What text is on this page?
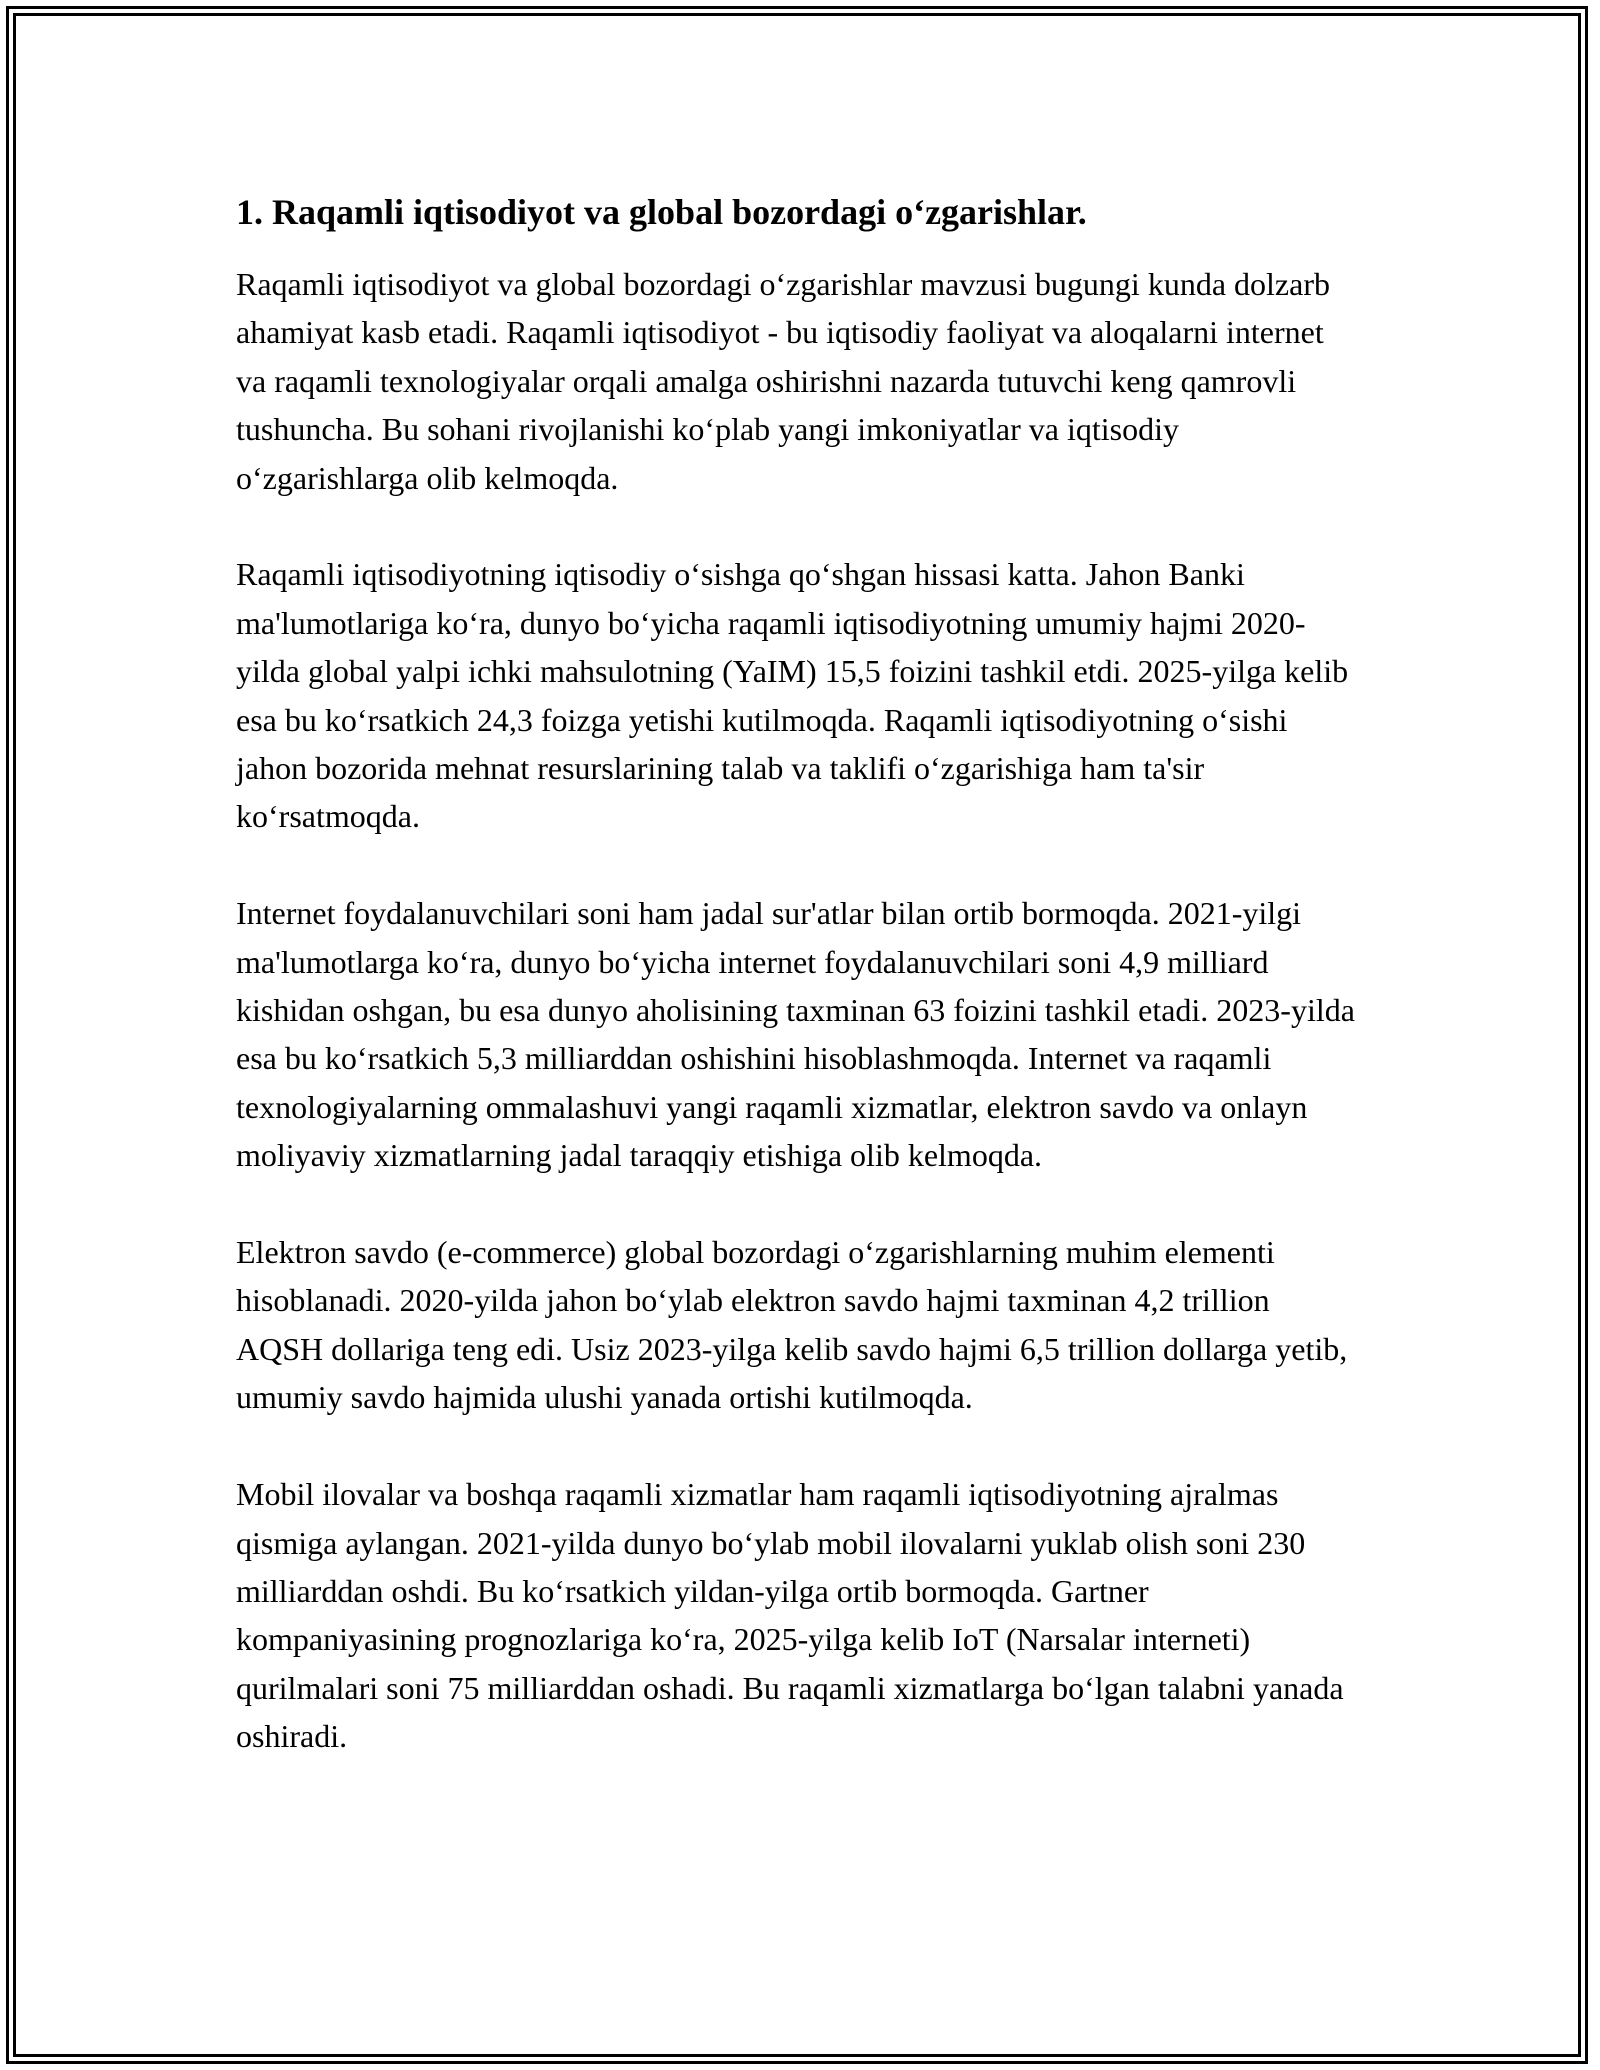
1. Raqamli iqtisodiyot va global bozordagi o‘zgarishlar.

Raqamli iqtisodiyot va global bozordagi o‘zgarishlar mavzusi bugungi kunda dolzarb ahamiyat kasb etadi. Raqamli iqtisodiyot - bu iqtisodiy faoliyat va aloqalarni internet va raqamli texnologiyalar orqali amalga oshirishni nazarda tutuvchi keng qamrovli tushuncha. Bu sohani rivojlanishi ko‘plab yangi imkoniyatlar va iqtisodiy o‘zgarishlarga olib kelmoqda.

Raqamli iqtisodiyotning iqtisodiy o‘sishga qo‘shgan hissasi katta. Jahon Banki ma'lumotlariga ko‘ra, dunyo bo‘yicha raqamli iqtisodiyotning umumiy hajmi 2020-yilda global yalpi ichki mahsulotning (YaIM) 15,5 foizini tashkil etdi. 2025-yilga kelib esa bu ko‘rsatkich 24,3 foizga yetishi kutilmoqda. Raqamli iqtisodiyotning o‘sishi jahon bozorida mehnat resurslarining talab va taklifi o‘zgarishiga ham ta'sir ko‘rsatmoqda.

Internet foydalanuvchilari soni ham jadal sur'atlar bilan ortib bormoqda. 2021-yilgi ma'lumotlarga ko‘ra, dunyo bo‘yicha internet foydalanuvchilari soni 4,9 milliard kishidan oshgan, bu esa dunyo aholisining taxminan 63 foizini tashkil etadi. 2023-yilda esa bu ko‘rsatkich 5,3 milliarddan oshishini hisoblashmoqda. Internet va raqamli texnologiyalarning ommalashuvi yangi raqamli xizmatlar, elektron savdo va onlayn moliyaviy xizmatlarning jadal taraqqiy etishiga olib kelmoqda.

Elektron savdo (e-commerce) global bozordagi o‘zgarishlarning muhim elementi hisoblanadi. 2020-yilda jahon bo‘ylab elektron savdo hajmi taxminan 4,2 trillion AQSH dollariga teng edi. Usiz 2023-yilga kelib savdo hajmi 6,5 trillion dollarga yetib, umumiy savdo hajmida ulushi yanada ortishi kutilmoqda.

Mobil ilovalar va boshqa raqamli xizmatlar ham raqamli iqtisodiyotning ajralmas qismiga aylangan. 2021-yilda dunyo bo‘ylab mobil ilovalarni yuklab olish soni 230 milliarddan oshdi. Bu ko‘rsatkich yildan-yilga ortib bormoqda. Gartner kompaniyasining prognozlariga ko‘ra, 2025-yilga kelib IoT (Narsalar interneti) qurilmalari soni 75 milliarddan oshadi. Bu raqamli xizmatlarga bo‘lgan talabni yanada oshiradi.
